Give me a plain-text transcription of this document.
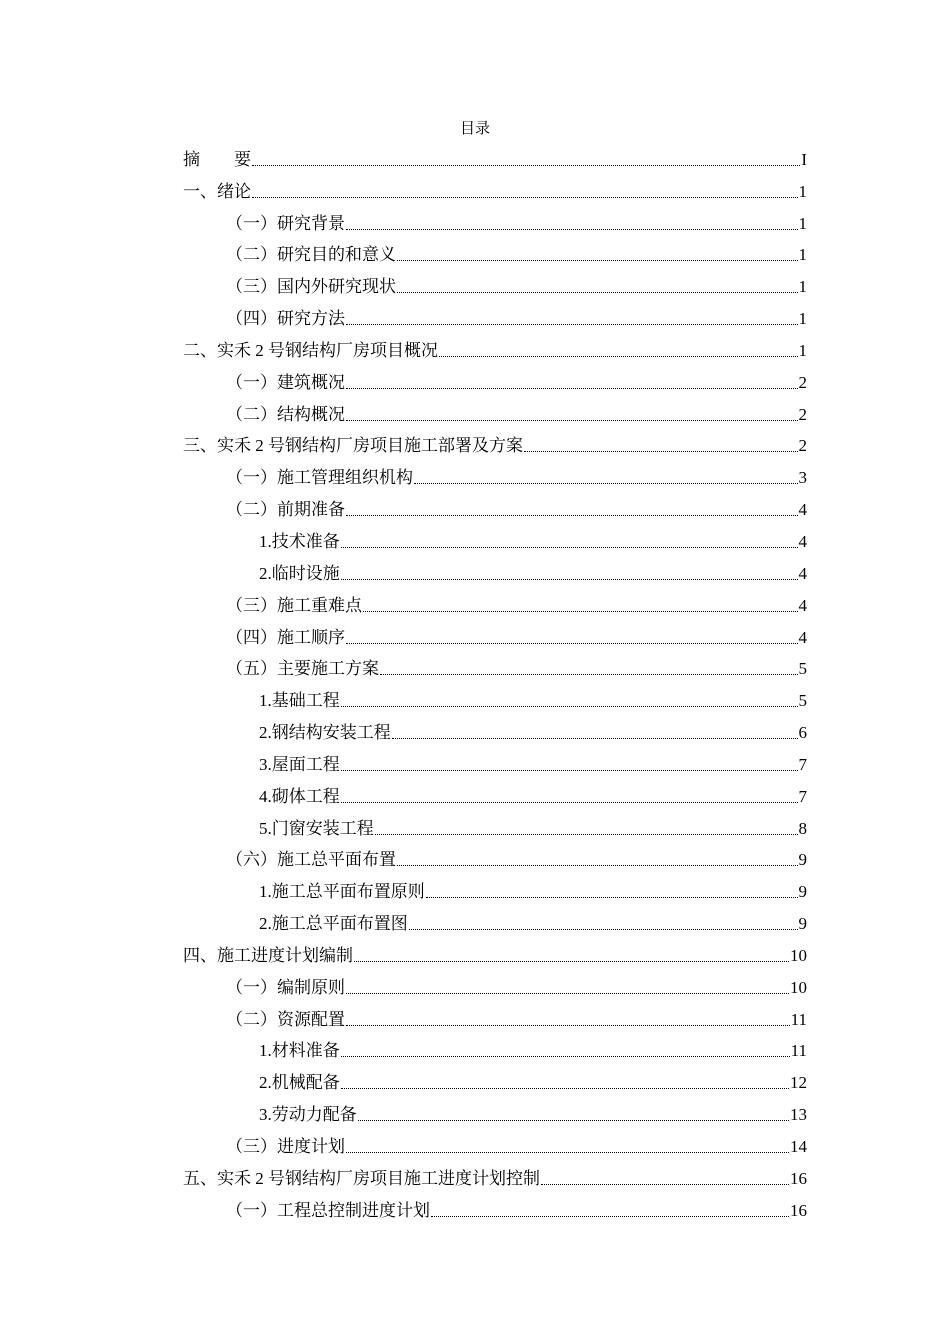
目录
摘　　要	I
一、绪论	1
（一）研究背景	1
（二）研究目的和意义	1
（三）国内外研究现状	1
（四）研究方法	1
二、实禾 2 号钢结构厂房项目概况	1
（一）建筑概况	2
（二）结构概况	2
三、实禾 2 号钢结构厂房项目施工部署及方案	2
（一）施工管理组织机构	3
（二）前期准备	4
1.技术准备	4
2.临时设施	4
（三）施工重难点	4
（四）施工顺序	4
（五）主要施工方案	5
1.基础工程	5
2.钢结构安装工程	6
3.屋面工程	7
4.砌体工程	7
5.门窗安装工程	8
（六）施工总平面布置	9
1.施工总平面布置原则	9
2.施工总平面布置图	9
四、施工进度计划编制	10
（一）编制原则	10
（二）资源配置	11
1.材料准备	11
2.机械配备	12
3.劳动力配备	13
（三）进度计划	14
五、实禾 2 号钢结构厂房项目施工进度计划控制	16
（一）工程总控制进度计划	16
